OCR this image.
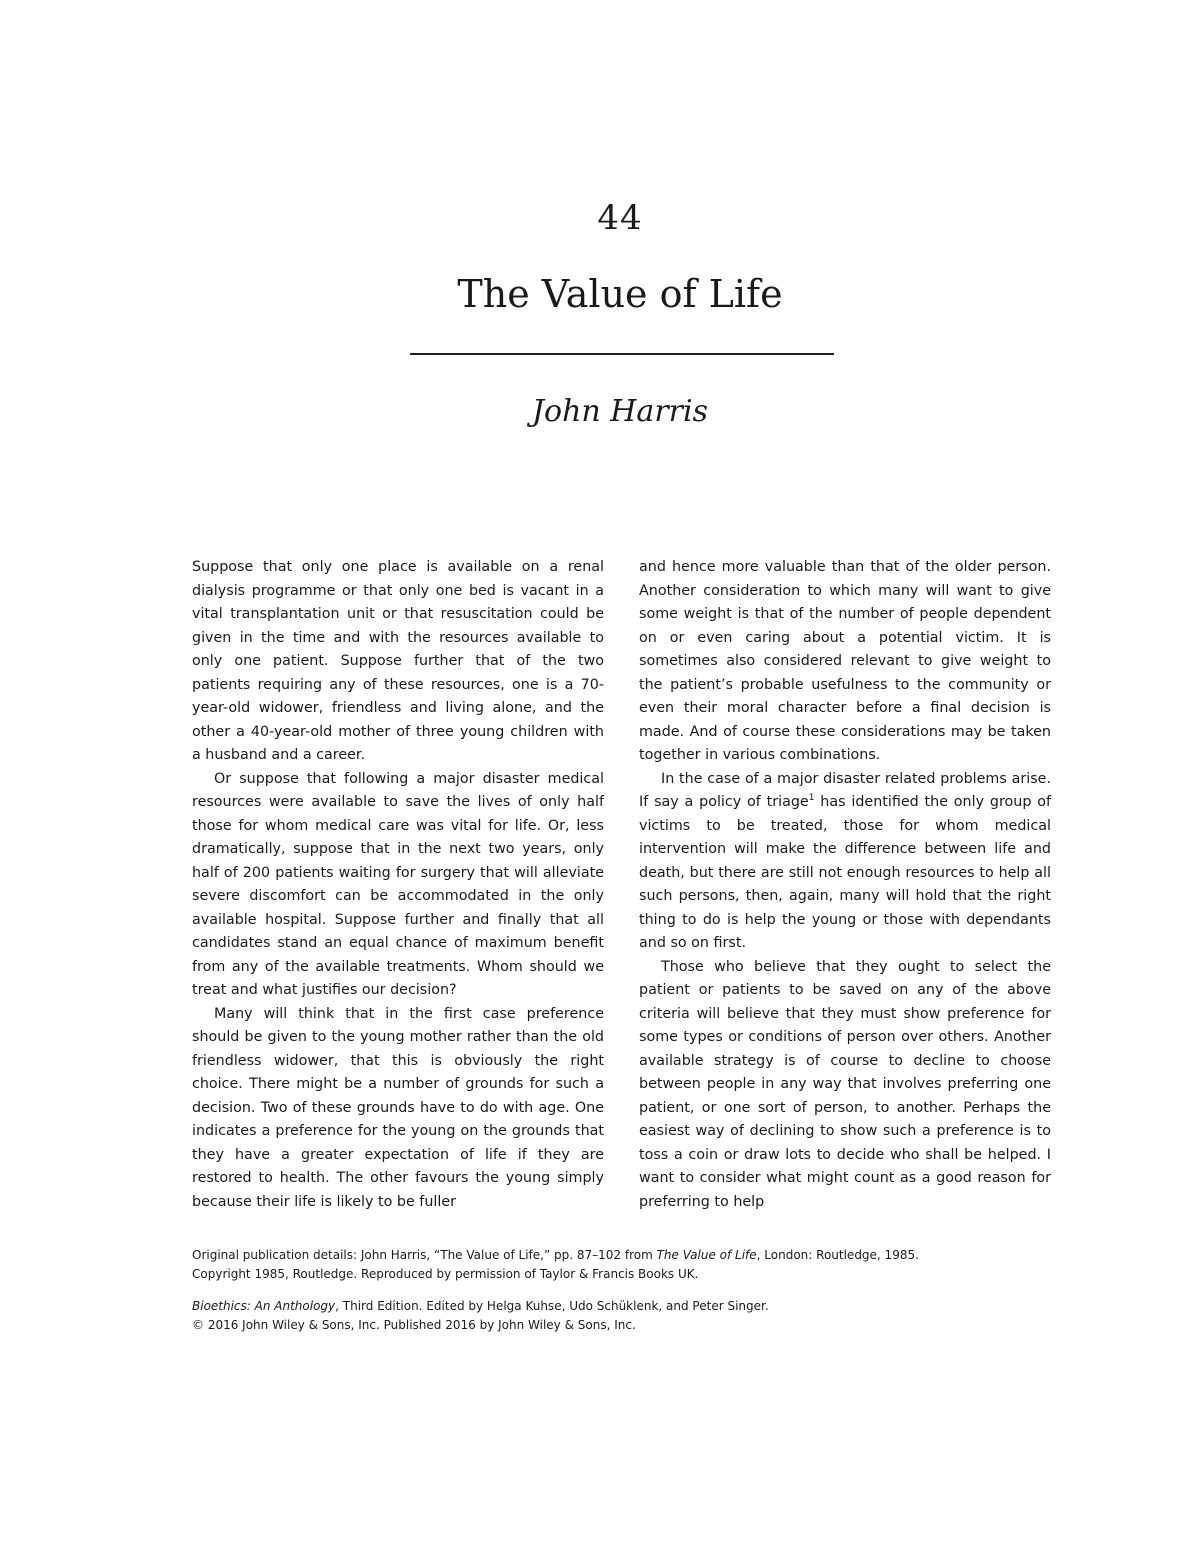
44
The Value of Life
John Harris

Suppose that only one place is available on a renal dialysis programme or that only one bed is vacant in a vital transplantation unit or that resuscitation could be given in the time and with the resources available to only one patient. Suppose further that of the two patients requiring any of these resources, one is a 70-year-old widower, friendless and living alone, and the other a 40-year-old mother of three young children with a husband and a career.

Or suppose that following a major disaster medical resources were available to save the lives of only half those for whom medical care was vital for life. Or, less dramatically, suppose that in the next two years, only half of 200 patients waiting for surgery that will alleviate severe discomfort can be accommodated in the only available hospital. Suppose further and finally that all candidates stand an equal chance of maximum benefit from any of the available treatments. Whom should we treat and what justifies our decision?

Many will think that in the first case preference should be given to the young mother rather than the old friendless widower, that this is obviously the right choice. There might be a number of grounds for such a decision. Two of these grounds have to do with age. One indicates a preference for the young on the grounds that they have a greater expectation of life if they are restored to health. The other favours the young simply because their life is likely to be fuller

and hence more valuable than that of the older person. Another consideration to which many will want to give some weight is that of the number of people dependent on or even caring about a potential victim. It is sometimes also considered relevant to give weight to the patient’s probable usefulness to the community or even their moral character before a final decision is made. And of course these considerations may be taken together in various combinations.

In the case of a major disaster related problems arise. If say a policy of triage$^1$ has identified the only group of victims to be treated, those for whom medical intervention will make the difference between life and death, but there are still not enough resources to help all such persons, then, again, many will hold that the right thing to do is help the young or those with dependants and so on first.

Those who believe that they ought to select the patient or patients to be saved on any of the above criteria will believe that they must show preference for some types or conditions of person over others. Another available strategy is of course to decline to choose between people in any way that involves preferring one patient, or one sort of person, to another. Perhaps the easiest way of declining to show such a preference is to toss a coin or draw lots to decide who shall be helped. I want to consider what might count as a good reason for preferring to help

Original publication details: John Harris, “The Value of Life,” pp. 87–102 from The Value of Life, London: Routledge, 1985.
Copyright 1985, Routledge. Reproduced by permission of Taylor & Francis Books UK.
Bioethics: An Anthology, Third Edition. Edited by Helga Kuhse, Udo Schüklenk, and Peter Singer.
© 2016 John Wiley & Sons, Inc. Published 2016 by John Wiley & Sons, Inc.
